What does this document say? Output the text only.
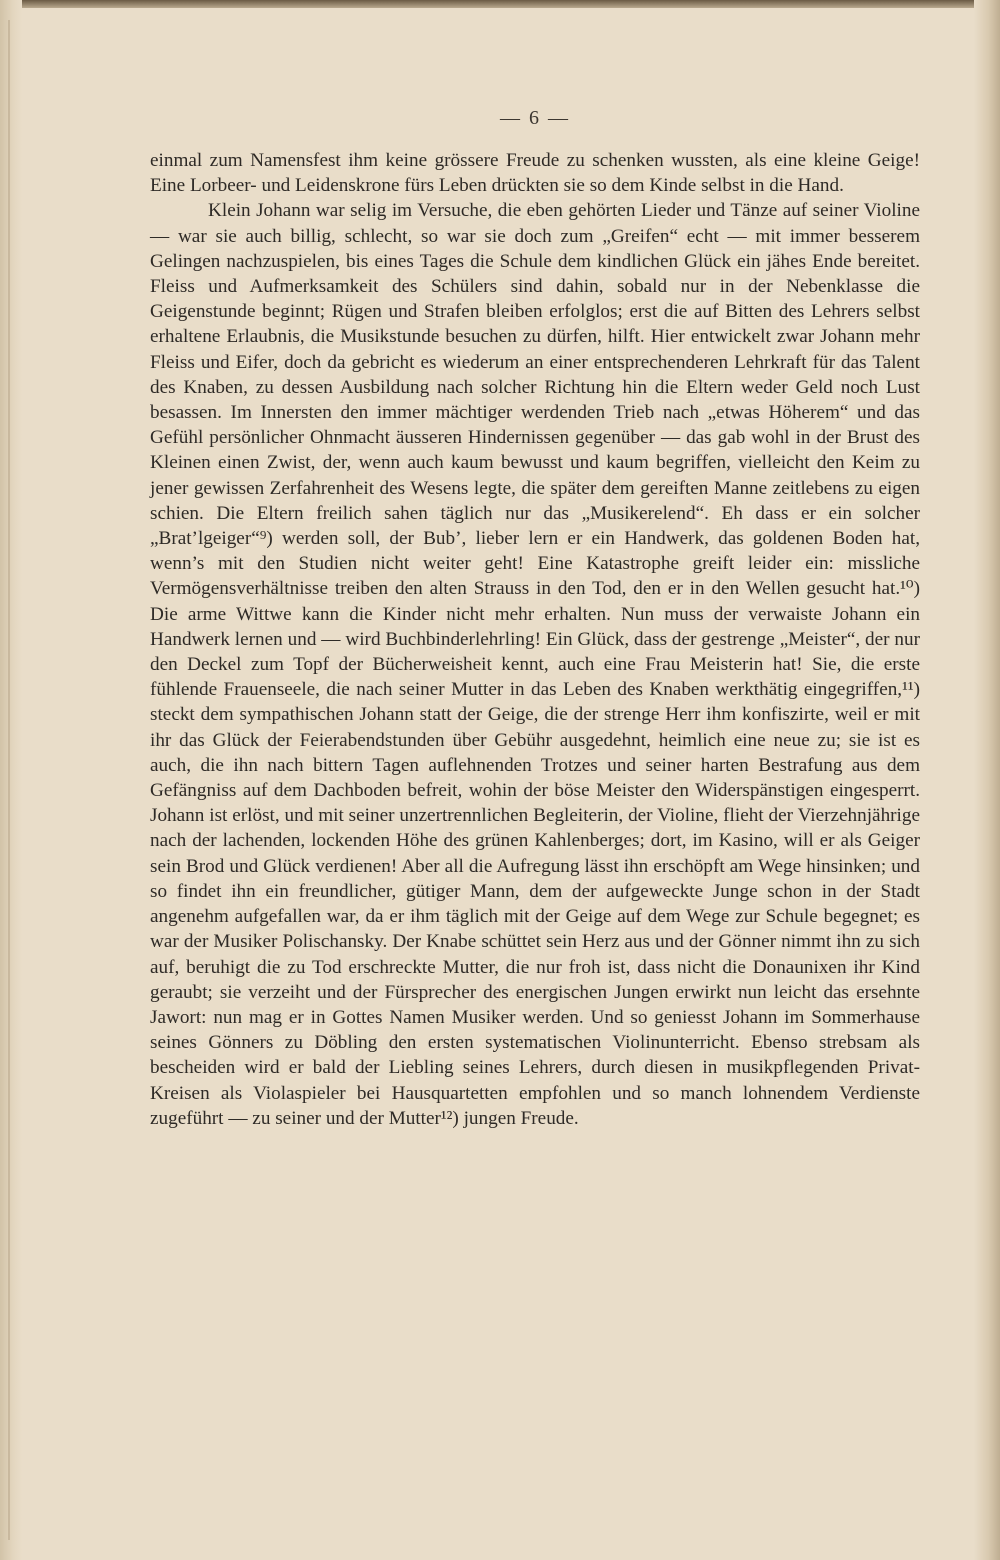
— 6 —

einmal zum Namensfest ihm keine grössere Freude zu schenken wussten, als eine kleine Geige! Eine Lorbeer- und Leidenskrone fürs Leben drückten sie so dem Kinde selbst in die Hand.

Klein Johann war selig im Versuche, die eben gehörten Lieder und Tänze auf seiner Violine — war sie auch billig, schlecht, so war sie doch zum „Greifen“ echt — mit immer besserem Gelingen nachzuspielen, bis eines Tages die Schule dem kindlichen Glück ein jähes Ende bereitet. Fleiss und Aufmerksamkeit des Schülers sind dahin, sobald nur in der Nebenklasse die Geigenstunde beginnt; Rügen und Strafen bleiben erfolglos; erst die auf Bitten des Lehrers selbst erhaltene Erlaubnis, die Musikstunde besuchen zu dürfen, hilft. Hier entwickelt zwar Johann mehr Fleiss und Eifer, doch da gebricht es wiederum an einer entsprechenderen Lehrkraft für das Talent des Knaben, zu dessen Ausbildung nach solcher Richtung hin die Eltern weder Geld noch Lust besassen. Im Innersten den immer mächtiger werdenden Trieb nach „etwas Höherem“ und das Gefühl persönlicher Ohnmacht äusseren Hindernissen gegenüber — das gab wohl in der Brust des Kleinen einen Zwist, der, wenn auch kaum bewusst und kaum begriffen, vielleicht den Keim zu jener gewissen Zerfahrenheit des Wesens legte, die später dem gereiften Manne zeitlebens zu eigen schien. Die Eltern freilich sahen täglich nur das „Musikerelend“. Eh dass er ein solcher „Brat’lgeiger“⁹) werden soll, der Bub’, lieber lern er ein Handwerk, das goldenen Boden hat, wenn’s mit den Studien nicht weiter geht! Eine Katastrophe greift leider ein: missliche Vermögensverhältnisse treiben den alten Strauss in den Tod, den er in den Wellen gesucht hat.¹⁰) Die arme Wittwe kann die Kinder nicht mehr erhalten. Nun muss der verwaiste Johann ein Handwerk lernen und — wird Buchbinderlehrling! Ein Glück, dass der gestrenge „Meister“, der nur den Deckel zum Topf der Bücherweisheit kennt, auch eine Frau Meisterin hat! Sie, die erste fühlende Frauenseele, die nach seiner Mutter in das Leben des Knaben werkthätig eingegriffen,¹¹) steckt dem sympathischen Johann statt der Geige, die der strenge Herr ihm konfiszirte, weil er mit ihr das Glück der Feierabendstunden über Gebühr ausgedehnt, heimlich eine neue zu; sie ist es auch, die ihn nach bittern Tagen auflehnenden Trotzes und seiner harten Bestrafung aus dem Gefängniss auf dem Dachboden befreit, wohin der böse Meister den Widerspänstigen eingesperrt. Johann ist erlöst, und mit seiner unzertrennlichen Begleiterin, der Violine, flieht der Vierzehnjährige nach der lachenden, lockenden Höhe des grünen Kahlenberges; dort, im Kasino, will er als Geiger sein Brod und Glück verdienen! Aber all die Aufregung lässt ihn erschöpft am Wege hinsinken; und so findet ihn ein freundlicher, gütiger Mann, dem der aufgeweckte Junge schon in der Stadt angenehm aufgefallen war, da er ihm täglich mit der Geige auf dem Wege zur Schule begegnet; es war der Musiker Polischansky. Der Knabe schüttet sein Herz aus und der Gönner nimmt ihn zu sich auf, beruhigt die zu Tod erschreckte Mutter, die nur froh ist, dass nicht die Donaunixen ihr Kind geraubt; sie verzeiht und der Fürsprecher des energischen Jungen erwirkt nun leicht das ersehnte Jawort: nun mag er in Gottes Namen Musiker werden. Und so geniesst Johann im Sommerhause seines Gönners zu Döbling den ersten systematischen Violinunterricht. Ebenso strebsam als bescheiden wird er bald der Liebling seines Lehrers, durch diesen in musikpflegenden Privat-Kreisen als Violaspieler bei Hausquartetten empfohlen und so manch lohnendem Verdienste zugeführt — zu seiner und der Mutter¹²) jungen Freude.
